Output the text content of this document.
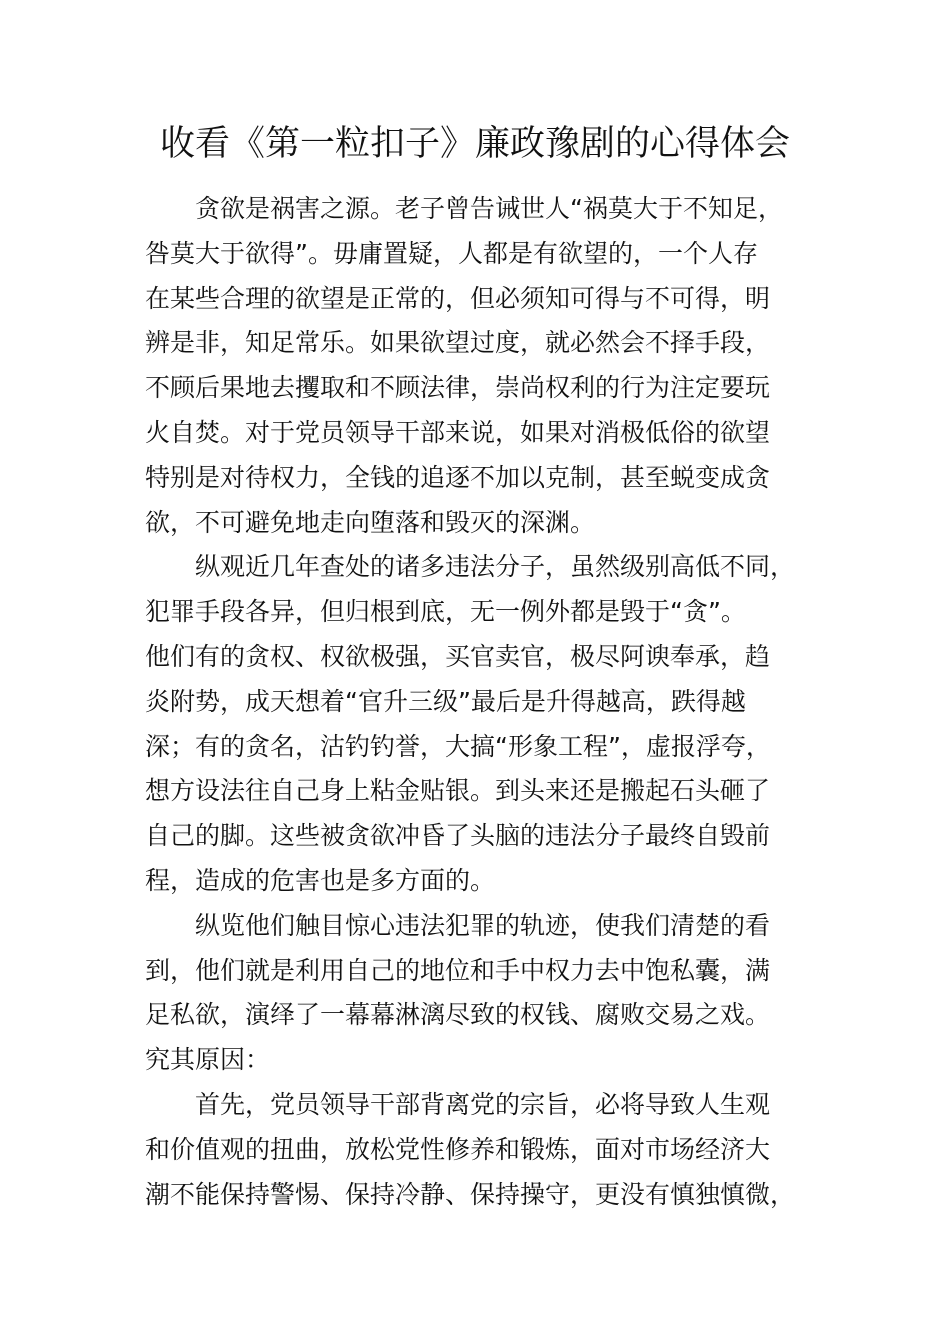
收看《第一粒扣子》廉政豫剧的心得体会
贪欲是祸害之源。老子曾告诫世人“祸莫大于不知足，
咎莫大于欲得”。毋庸置疑，人都是有欲望的，一个人存
在某些合理的欲望是正常的，但必须知可得与不可得，明
辨是非，知足常乐。如果欲望过度，就必然会不择手段，
不顾后果地去攫取和不顾法律，崇尚权利的行为注定要玩
火自焚。对于党员领导干部来说，如果对消极低俗的欲望
特别是对待权力，全钱的追逐不加以克制，甚至蜕变成贪
欲，不可避免地走向堕落和毁灭的深渊。
纵观近几年查处的诸多违法分子，虽然级别高低不同，
犯罪手段各异，但归根到底，无一例外都是毁于“贪”。
他们有的贪权、权欲极强，买官卖官，极尽阿谀奉承，趋
炎附势，成天想着“官升三级”最后是升得越高，跌得越
深；有的贪名，沽钓钓誉，大搞“形象工程”，虚报浮夸，
想方设法往自己身上粘金贴银。到头来还是搬起石头砸了
自己的脚。这些被贪欲冲昏了头脑的违法分子最终自毁前
程，造成的危害也是多方面的。
纵览他们触目惊心违法犯罪的轨迹，使我们清楚的看
到，他们就是利用自己的地位和手中权力去中饱私囊，满
足私欲，演绎了一幕幕淋漓尽致的权钱、腐败交易之戏。
究其原因：
首先，党员领导干部背离党的宗旨，必将导致人生观
和价值观的扭曲，放松党性修养和锻炼，面对市场经济大
潮不能保持警惕、保持冷静、保持操守，更没有慎独慎微，
